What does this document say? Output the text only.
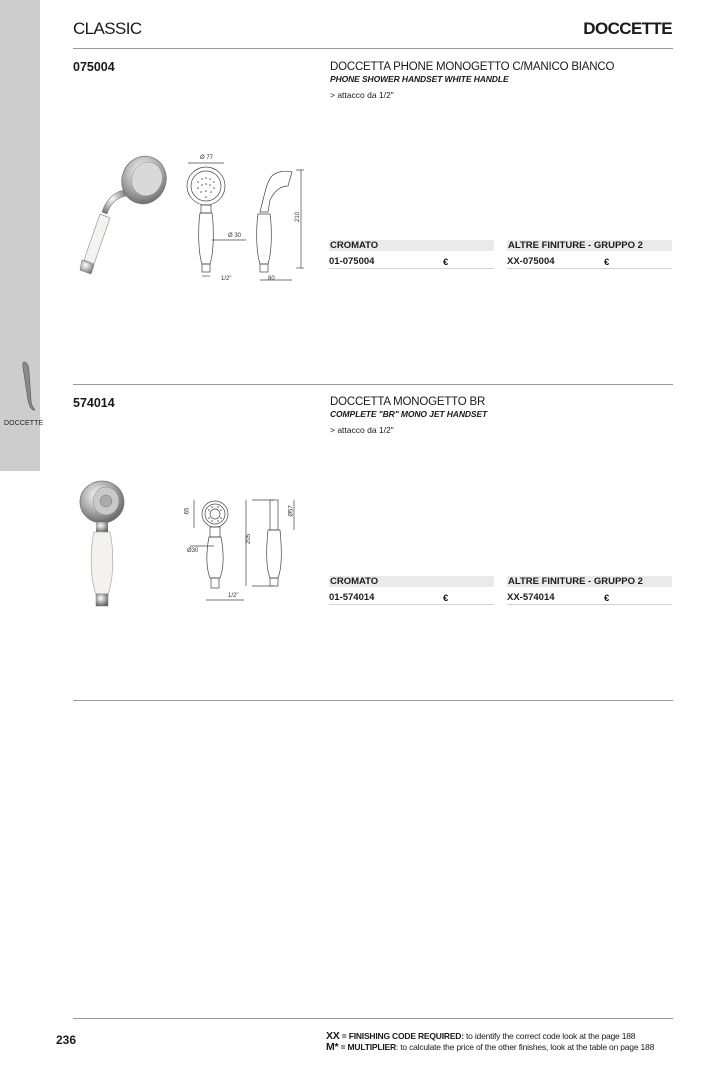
DOCCETTE
CLASSIC	DOCCETTE
075004	DOCCETTA PHONE MONOGETTO C/MANICO BIANCO
PHONE SHOWER HANDSET WHITE HANDLE
> attacco da 1/2"
Ø 77
Ø 30
210
1/2"	80
CROMATO	ALTRE FINITURE - GRUPPO 2
01-075004	€	XX-075004	€
574014	DOCCETTA MONOGETTO BR
COMPLETE "BR" MONO JET HANDSET
> attacco da 1/2"
65
Ø30
205
1/2"
Ø57
CROMATO	ALTRE FINITURE - GRUPPO 2
01-574014	€	XX-574014	€
236	XX = FINISHING CODE REQUIRED: to identify the correct code look at the page 188
M* = MULTIPLIER: to calculate the price of the other finishes, look at the table on page 188
